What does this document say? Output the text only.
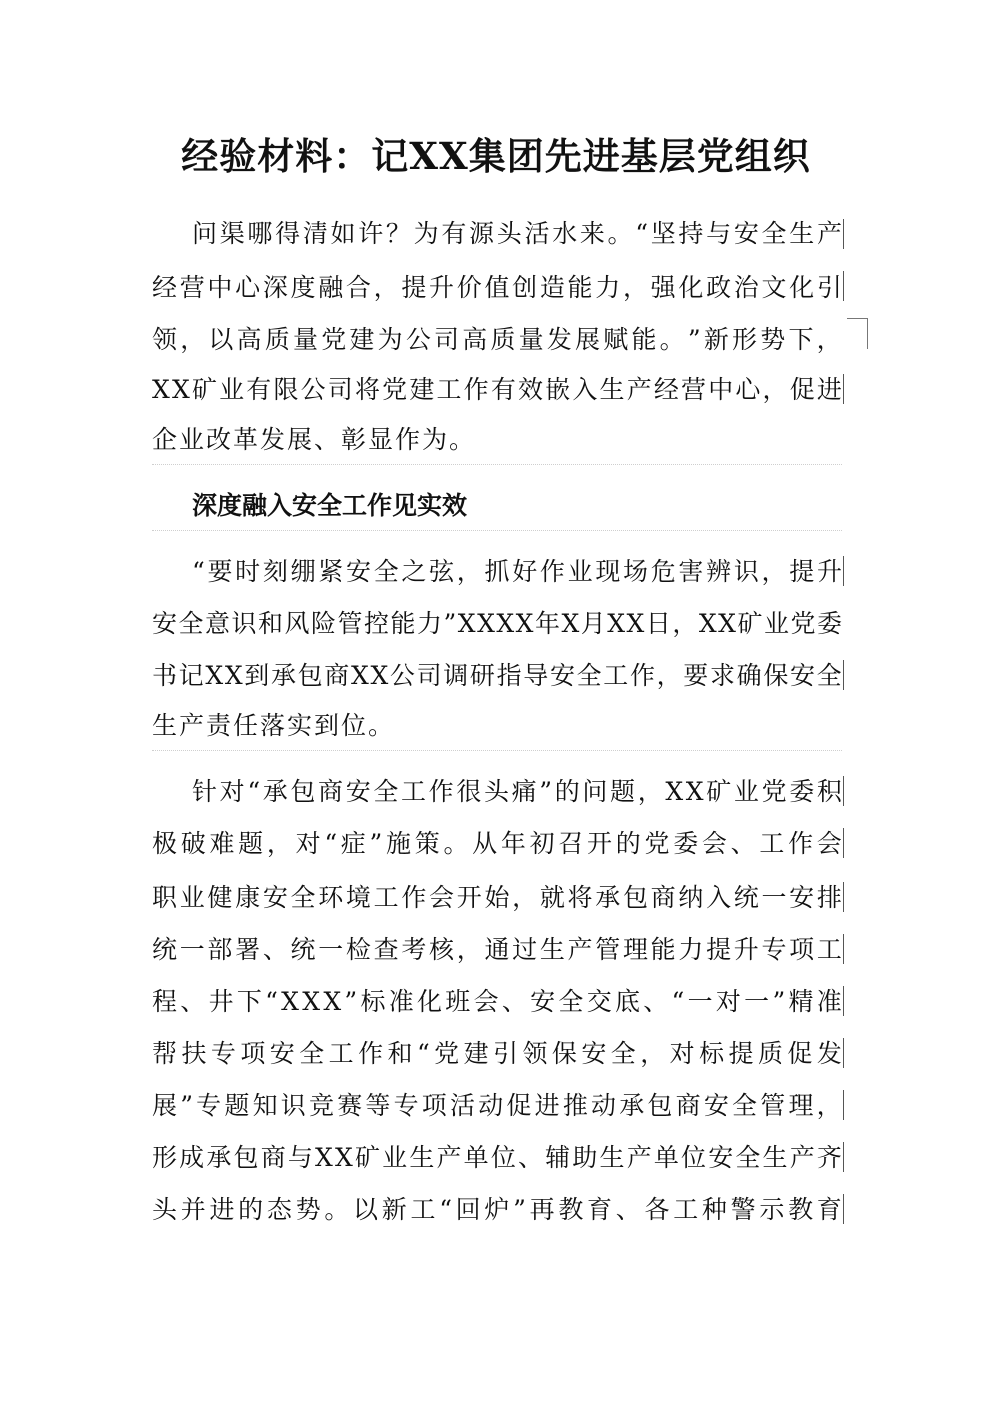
经验材料：记XX集团先进基层党组织
问 渠 哪 得 清 如 许 ？ 为 有 源 头 活 水 来 。 “ 坚 持 与 安 全 生 产
经 营 中 心 深 度 融 合 ， 提 升 价 值 创 造 能 力 ， 强 化 政 治 文 化 引
领 ， 以 高 质 量 党 建 为 公 司 高 质 量 发 展 赋 能 。 ” 新 形 势 下 ，
X X 矿 业 有 限 公 司 将 党 建 工 作 有 效 嵌 入 生 产 经 营 中 心 ， 促 进
企业改革发展、彰显作为。
深度融入安全工作见实效
“ 要 时 刻 绷 紧 安 全 之 弦 ， 抓 好 作 业 现 场 危 害 辨 识 ， 提 升
安 全 意 识 和 风 险 管 控 能 力 ” X X X X 年 X 月 X X 日 ， X X 矿 业 党 委
书 记 X X 到 承 包 商 X X 公 司 调 研 指 导 安 全 工 作 ， 要 求 确 保 安 全
生产责任落实到位。
针 对 “ 承 包 商 安 全 工 作 很 头 痛 ” 的 问 题 ， X X 矿 业 党 委 积
极 破 难 题 ， 对 “ 症 ” 施 策 。 从 年 初 召 开 的 党 委 会 、 工 作 会
职 业 健 康 安 全 环 境 工 作 会 开 始 ， 就 将 承 包 商 纳 入 统 一 安 排
统 一 部 署 、 统 一 检 查 考 核 ， 通 过 生 产 管 理 能 力 提 升 专 项 工
程 、 井 下 “ X X X ” 标 准 化 班 会 、 安 全 交 底 、 “ 一 对 一 ” 精 准
帮 扶 专 项 安 全 工 作 和 “ 党 建 引 领 保 安 全 ， 对 标 提 质 促 发
展 ” 专 题 知 识 竞 赛 等 专 项 活 动 促 进 推 动 承 包 商 安 全 管 理 ，
形 成 承 包 商 与 X X 矿 业 生 产 单 位 、 辅 助 生 产 单 位 安 全 生 产 齐
头 并 进 的 态 势 。 以 新 工 “ 回 炉 ” 再 教 育 、 各 工 种 警 示 教 育
